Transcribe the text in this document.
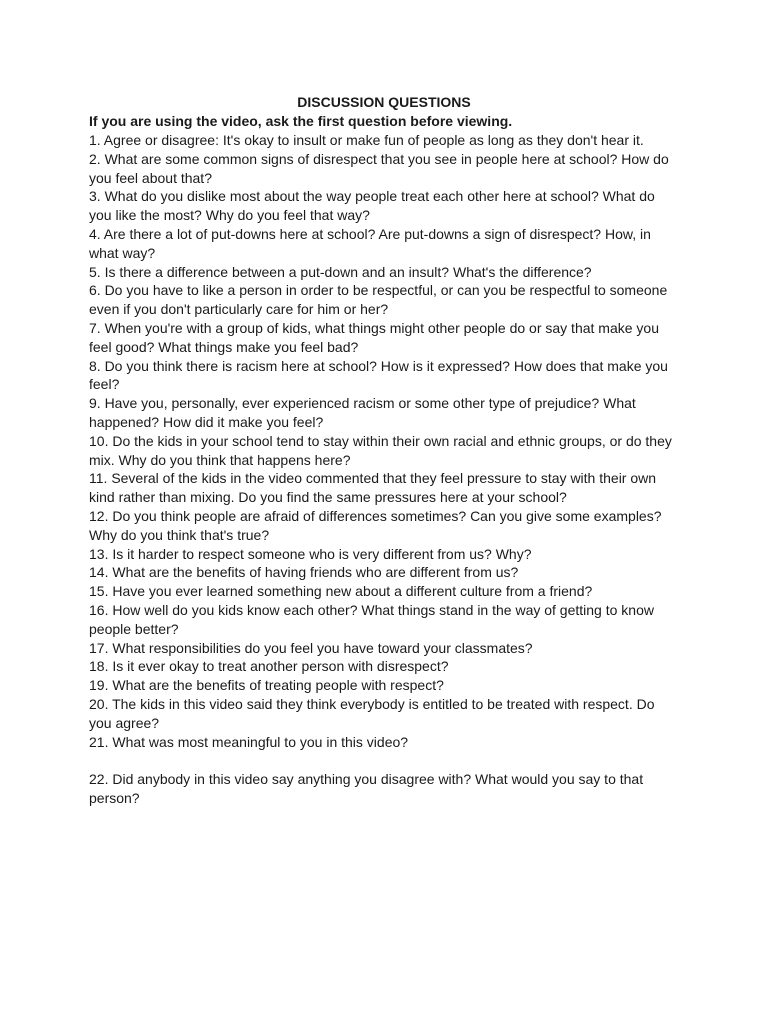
DISCUSSION QUESTIONS

If you are using the video, ask the first question before viewing.

1. Agree or disagree: It's okay to insult or make fun of people as long as they don't hear it.
2. What are some common signs of disrespect that you see in people here at school? How do you feel about that?
3. What do you dislike most about the way people treat each other here at school? What do you like the most? Why do you feel that way?
4. Are there a lot of put-downs here at school? Are put-downs a sign of disrespect? How, in what way?
5. Is there a difference between a put-down and an insult? What's the difference?
6. Do you have to like a person in order to be respectful, or can you be respectful to someone even if you don't particularly care for him or her?
7. When you're with a group of kids, what things might other people do or say that make you feel good? What things make you feel bad?
8. Do you think there is racism here at school? How is it expressed? How does that make you feel?
9. Have you, personally, ever experienced racism or some other type of prejudice? What happened? How did it make you feel?
10. Do the kids in your school tend to stay within their own racial and ethnic groups, or do they mix. Why do you think that happens here?
11. Several of the kids in the video commented that they feel pressure to stay with their own kind rather than mixing. Do you find the same pressures here at your school?
12. Do you think people are afraid of differences sometimes? Can you give some examples? Why do you think that's true?
13. Is it harder to respect someone who is very different from us? Why?
14. What are the benefits of having friends who are different from us?
15. Have you ever learned something new about a different culture from a friend?
16. How well do you kids know each other? What things stand in the way of getting to know people better?
17. What responsibilities do you feel you have toward your classmates?
18. Is it ever okay to treat another person with disrespect?
19. What are the benefits of treating people with respect?
20. The kids in this video said they think everybody is entitled to be treated with respect. Do you agree?
21. What was most meaningful to you in this video?
22. Did anybody in this video say anything you disagree with? What would you say to that person?
